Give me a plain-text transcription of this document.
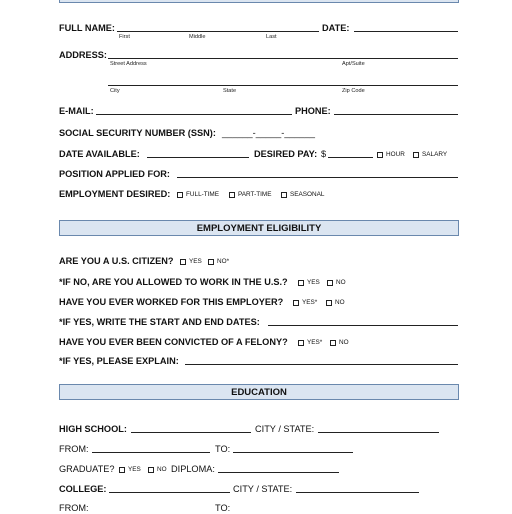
FULL NAME:
First	Middle	Last
DATE:
ADDRESS:
Street Address	Apt/Suite
City	State	Zip Code
E-MAIL:	PHONE:
SOCIAL SECURITY NUMBER (SSN): ______-_____-______
DATE AVAILABLE:	DESIRED PAY: $	HOUR	SALARY
POSITION APPLIED FOR:
EMPLOYMENT DESIRED: FULL-TIME	PART-TIME	SEASONAL
EMPLOYMENT ELIGIBILITY
ARE YOU A U.S. CITIZEN? YES NO*
*IF NO, ARE YOU ALLOWED TO WORK IN THE U.S.?	YES	NO
HAVE YOU EVER WORKED FOR THIS EMPLOYER?	YES*	NO
*IF YES, WRITE THE START AND END DATES:
HAVE YOU EVER BEEN CONVICTED OF A FELONY?	YES*	NO
*IF YES, PLEASE EXPLAIN:
EDUCATION
HIGH SCHOOL:	CITY / STATE:
FROM:	TO:
GRADUATE? YES	NO DIPLOMA:
COLLEGE:	CITY / STATE:
FROM:	TO:
